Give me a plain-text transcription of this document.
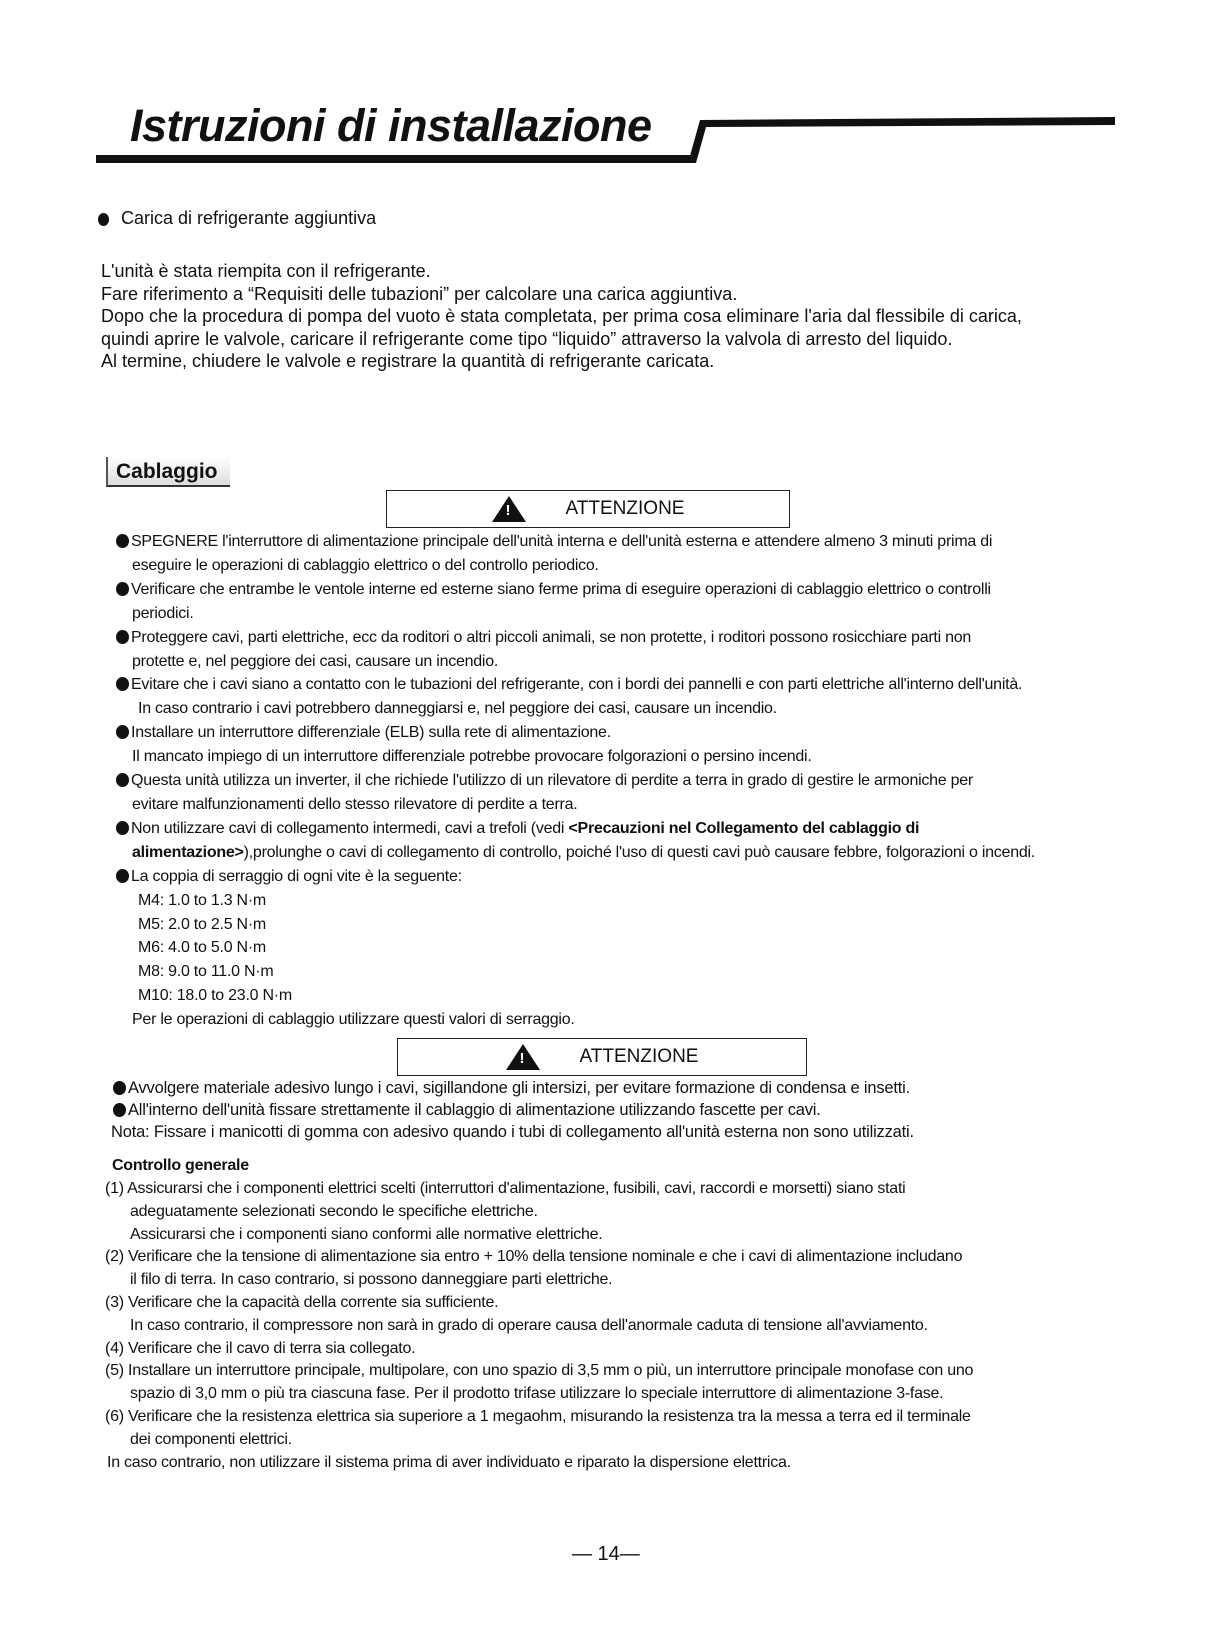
Istruzioni di installazione
Carica di refrigerante aggiuntiva
L'unità è stata riempita con il refrigerante.
Fare riferimento a “Requisiti delle tubazioni” per calcolare una carica aggiuntiva.
Dopo che la procedura di pompa del vuoto è stata completata, per prima cosa eliminare l'aria dal flessibile di carica,
quindi aprire le valvole, caricare il refrigerante come tipo “liquido” attraverso la valvola di arresto del liquido.
Al termine, chiudere le valvole e registrare la quantità di refrigerante caricata.
Cablaggio
!
ATTENZIONE
SPEGNERE l'interruttore di alimentazione principale dell'unità interna e dell'unità esterna e attendere almeno 3 minuti prima di
eseguire le operazioni di cablaggio elettrico o del controllo periodico.
Verificare che entrambe le ventole interne ed esterne siano ferme prima di eseguire operazioni di cablaggio elettrico o controlli
periodici.
Proteggere cavi, parti elettriche, ecc da roditori o altri piccoli animali, se non protette, i roditori possono rosicchiare parti non
protette e, nel peggiore dei casi, causare un incendio.
Evitare che i cavi siano a contatto con le tubazioni del refrigerante, con i bordi dei pannelli e con parti elettriche all'interno dell'unità.
In caso contrario i cavi potrebbero danneggiarsi e, nel peggiore dei casi, causare un incendio.
Installare un interruttore differenziale (ELB) sulla rete di alimentazione.
Il mancato impiego di un interruttore differenziale potrebbe provocare folgorazioni o persino incendi.
Questa unità utilizza un inverter, il che richiede l'utilizzo di un rilevatore di perdite a terra in grado di gestire le armoniche per
evitare malfunzionamenti dello stesso rilevatore di perdite a terra.
Non utilizzare cavi di collegamento intermedi, cavi a trefoli (vedi <Precauzioni nel Collegamento del cablaggio di
alimentazione>),prolunghe o cavi di collegamento di controllo, poiché l'uso di questi cavi può causare febbre, folgorazioni o incendi.
La coppia di serraggio di ogni vite è la seguente:
M4: 1.0 to 1.3 N·m
M5: 2.0 to 2.5 N·m
M6: 4.0 to 5.0 N·m
M8: 9.0 to 11.0 N·m
M10: 18.0 to 23.0 N·m
Per le operazioni di cablaggio utilizzare questi valori di serraggio.
!
ATTENZIONE
Avvolgere materiale adesivo lungo i cavi, sigillandone gli intersizi, per evitare formazione di condensa e insetti.
All'interno dell'unità fissare strettamente il cablaggio di alimentazione utilizzando fascette per cavi.
Nota: Fissare i manicotti di gomma con adesivo quando i tubi di collegamento all'unità esterna non sono utilizzati.
Controllo generale
(1) Assicurarsi che i componenti elettrici scelti (interruttori d'alimentazione, fusibili, cavi, raccordi e morsetti) siano stati
adeguatamente selezionati secondo le specifiche elettriche.
Assicurarsi che i componenti siano conformi alle normative elettriche.
(2) Verificare che la tensione di alimentazione sia entro + 10% della tensione nominale e che i cavi di alimentazione includano
il filo di terra. In caso contrario, si possono danneggiare parti elettriche.
(3) Verificare che la capacità della corrente sia sufficiente.
In caso contrario, il compressore non sarà in grado di operare causa dell'anormale caduta di tensione all'avviamento.
(4) Verificare che il cavo di terra sia collegato.
(5) Installare un interruttore principale, multipolare, con uno spazio di 3,5 mm o più, un interruttore principale monofase con uno
spazio di 3,0 mm o più tra ciascuna fase. Per il prodotto trifase utilizzare lo speciale interruttore di alimentazione 3-fase.
(6) Verificare che la resistenza elettrica sia superiore a 1 megaohm, misurando la resistenza tra la messa a terra ed il terminale
dei componenti elettrici.
In caso contrario, non utilizzare il sistema prima di aver individuato e riparato la dispersione elettrica.
— 14—
